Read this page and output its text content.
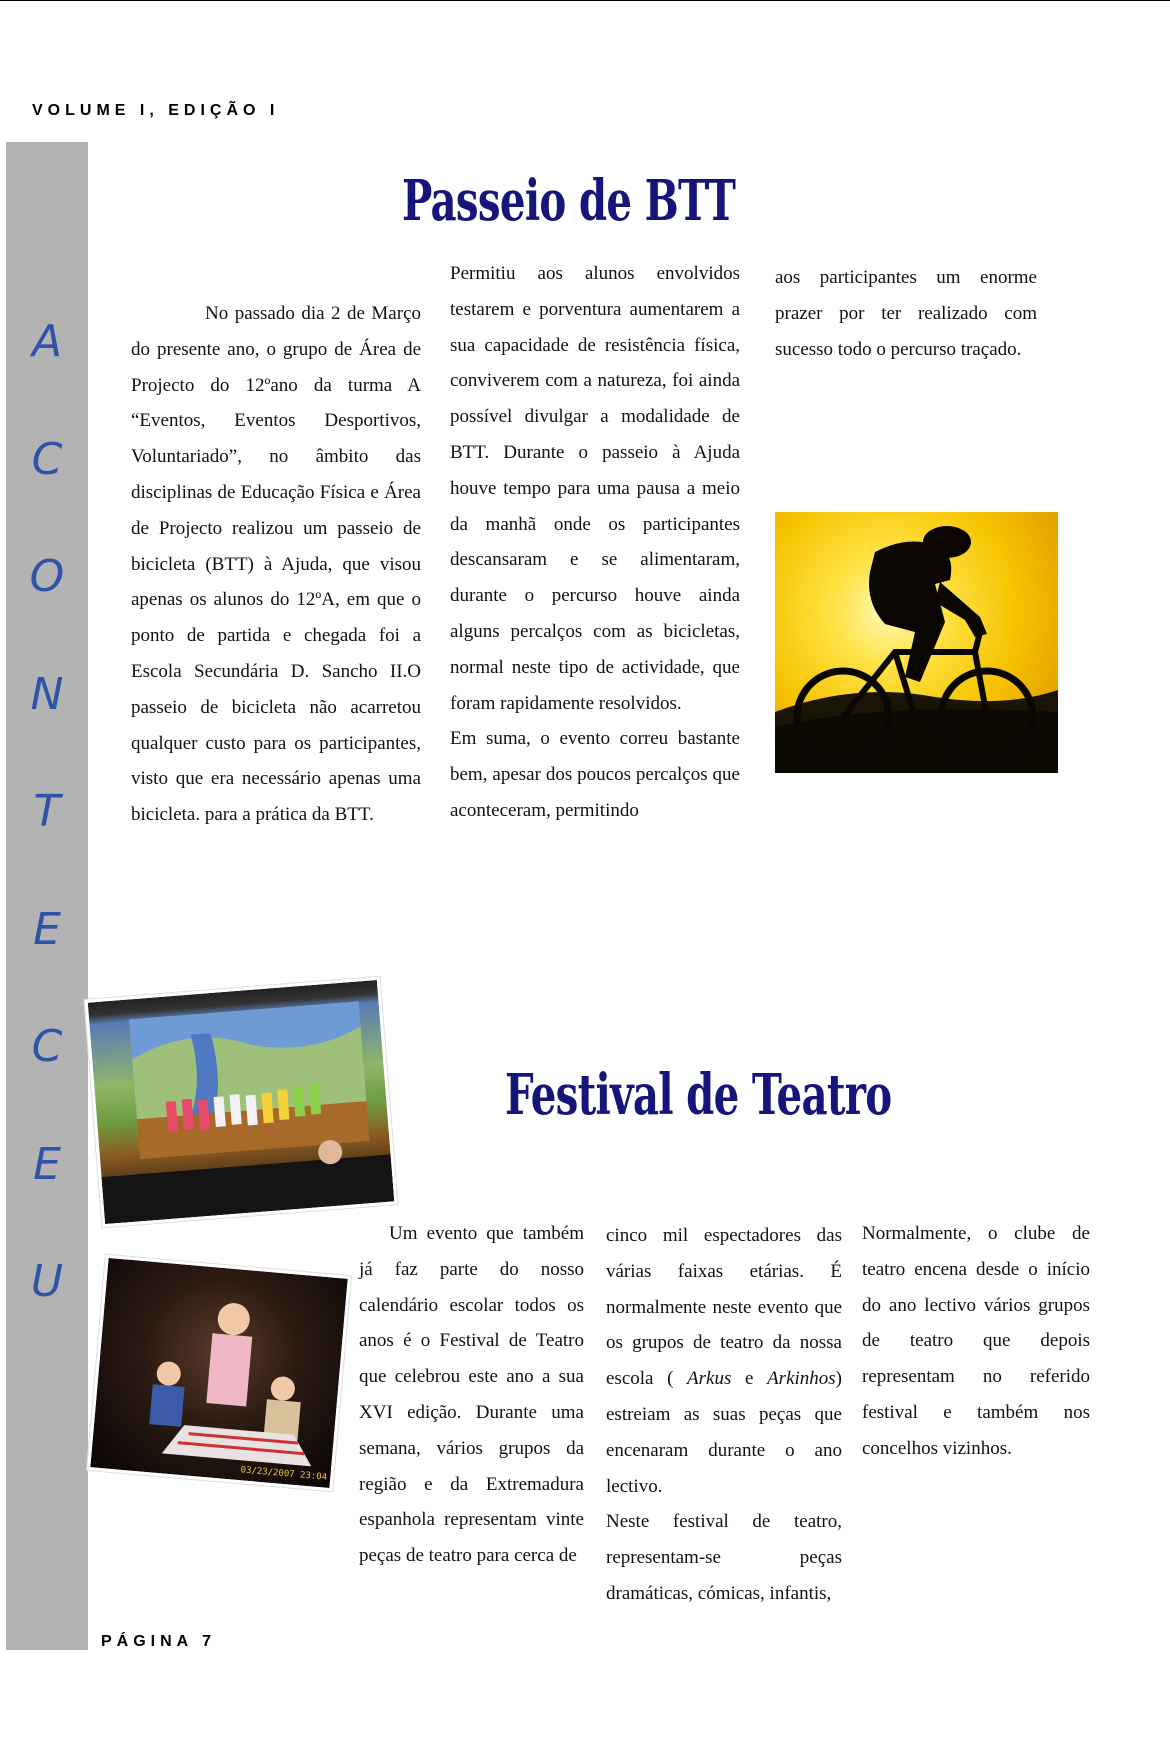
VOLUME I, EDIÇÃO I
A
C
O
N
T
E
C
E
U
Passeio de BTT

No passado dia 2 de Março do presente ano, o grupo de Área de Projecto do 12ºano da turma A “Eventos, Eventos Desportivos, Voluntariado”, no âmbito das disciplinas de Educação Física e Área de Projecto realizou um passeio de bicicleta (BTT) à Ajuda, que visou apenas os alunos do 12ºA, em que o ponto de partida e chegada foi a Escola Secundária D. Sancho II.O passeio de bicicleta não acarretou qualquer custo para os participantes, visto que era necessário apenas uma bicicleta. para a prática da BTT.

Permitiu aos alunos envolvidos testarem e porventura aumentarem a sua capacidade de resistência física, conviverem com a natureza, foi ainda possível divulgar a modalidade de BTT. Durante o passeio à Ajuda houve tempo para uma pausa a meio da manhã onde os participantes descansaram e se alimentaram, durante o percurso houve ainda alguns percalços com as bicicletas, normal neste tipo de actividade, que foram rapidamente resolvidos.

Em suma, o evento correu bastante bem, apesar dos poucos percalços que aconteceram, permitindo

aos participantes um enorme prazer por ter realizado com sucesso todo o percurso traçado.

03/23/2007 23:04
Festival de Teatro

Um evento que também já faz parte do nosso calendário escolar todos os anos é o Festival de Teatro que celebrou este ano a sua XVI edição. Durante uma semana, vários grupos da região e da Extremadura espanhola representam vinte peças de teatro para cerca de

cinco mil espectadores das várias faixas etárias. É normalmente neste evento que os grupos de teatro da nossa escola ( Arkus e Arkinhos) estreiam as suas peças que encenaram durante o ano lectivo.

Neste festival de teatro, representam-se peças dramáticas, cómicas, infantis,

Normalmente, o clube de teatro encena desde o início do ano lectivo vários grupos de teatro que depois representam no referido festival e também nos concelhos vizinhos.

PÁGINA 7
